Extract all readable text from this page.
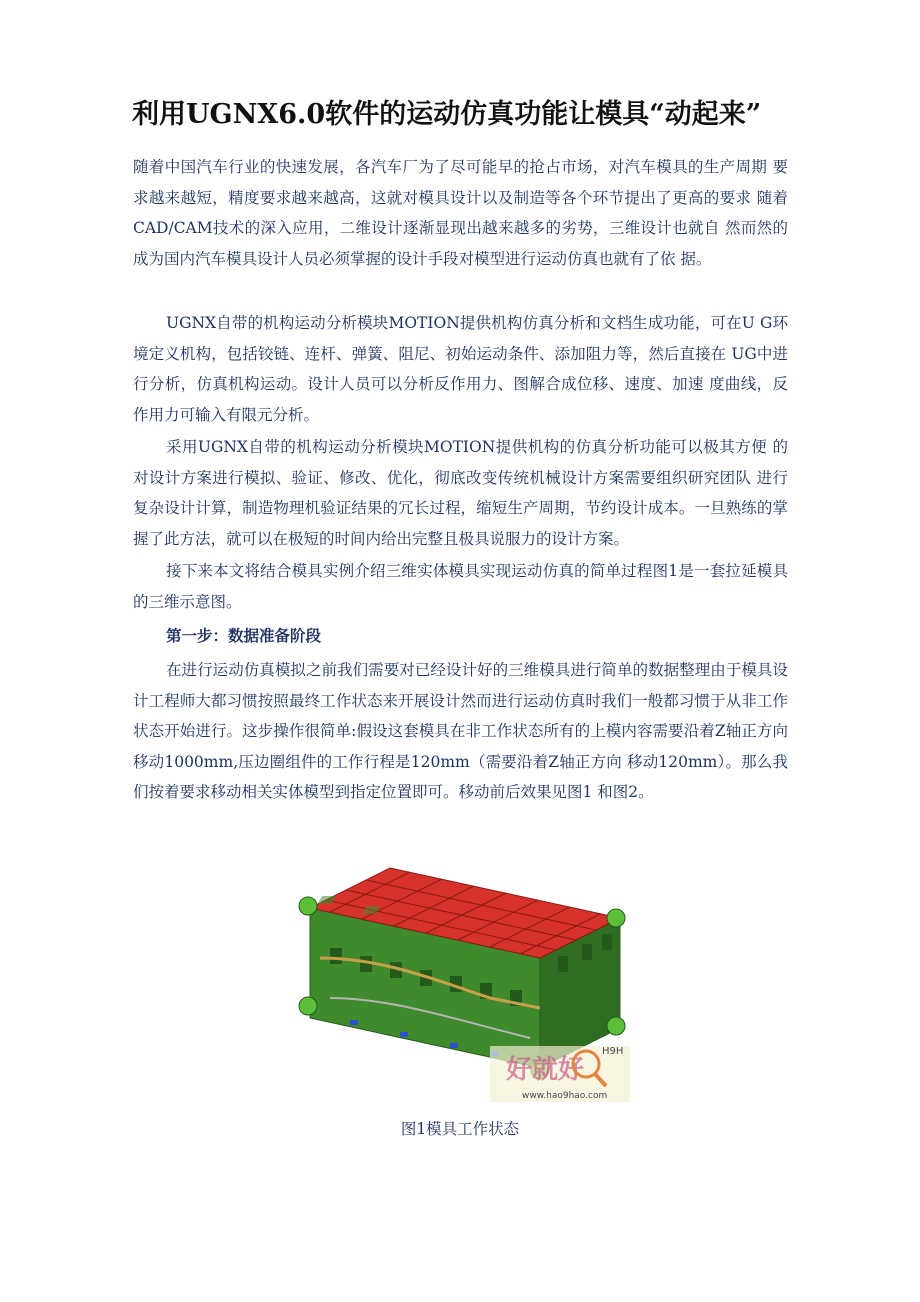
利用UGNX6.0软件的运动仿真功能让模具“动起来”
随着中国汽车行业的快速发展，各汽车厂为了尽可能早的抢占市场，对汽车模具的生产周期 要求越来越短，精度要求越来越高，这就对模具设计以及制造等各个环节提出了更高的要求 随着CAD/CAM技术的深入应用，二维设计逐渐显现出越来越多的劣势，三维设计也就自 然而然的成为国内汽车模具设计人员必须掌握的设计手段对模型进行运动仿真也就有了依 据。
UGNX自带的机构运动分析模块MOTION提供机构仿真分析和文档生成功能，可在U G环境定义机构，包括铰链、连杆、弹簧、阻尼、初始运动条件、添加阻力等，然后直接在 UG中进行分析，仿真机构运动。设计人员可以分析反作用力、图解合成位移、速度、加速 度曲线，反作用力可输入有限元分析。
采用UGNX自带的机构运动分析模块MOTION提供机构的仿真分析功能可以极其方便 的对设计方案进行模拟、验证、修改、优化，彻底改变传统机械设计方案需要组织研究团队 进行复杂设计计算，制造物理机验证结果的冗长过程，缩短生产周期，节约设计成本。一旦熟练的掌握了此方法，就可以在极短的时间内给出完整且极具说服力的设计方案。
接下来本文将结合模具实例介绍三维实体模具实现运动仿真的简单过程图1是一套拉延模具的三维示意图。
第一步：数据准备阶段
在进行运动仿真模拟之前我们需要对已经设计好的三维模具进行简单的数据整理由于模具设计工程师大都习惯按照最终工作状态来开展设计然而进行运动仿真时我们一般都习惯于从非工作状态开始进行。这步操作很简单:假设这套模具在非工作状态所有的上模内容需要沿着Z轴正方向移动1000mm,压边圈组件的工作行程是120mm（需要沿着Z轴正方向 移动120mm）。那么我们按着要求移动相关实体模型到指定位置即可。移动前后效果见图1 和图2。
好就好
H9H
www.hao9hao.com
图1模具工作状态
